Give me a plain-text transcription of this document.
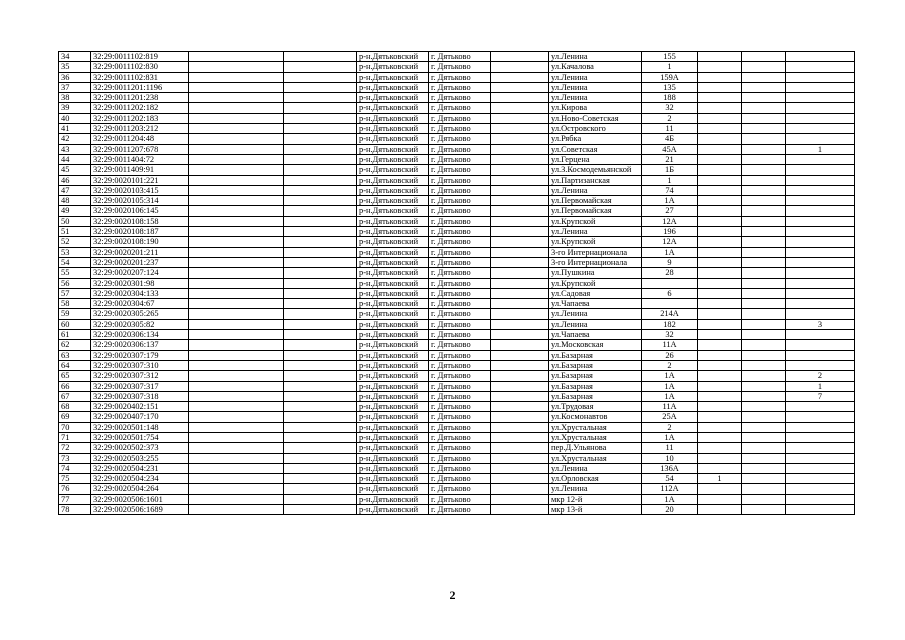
34	32:29:0011102:819			р-н.Дятьковский	г. Дятьково		ул.Ленина	155			
35	32:29:0011102:830			р-н.Дятьковский	г. Дятьково		ул.Качалова	1			
36	32:29:0011102:831			р-н.Дятьковский	г. Дятьково		ул.Ленина	159А			
37	32:29:0011201:1196			р-н.Дятьковский	г. Дятьково		ул.Ленина	135			
38	32:29:0011201:238			р-н.Дятьковский	г. Дятьково		ул.Ленина	188			
39	32:29:0011202:182			р-н.Дятьковский	г. Дятьково		ул.Кирова	32			
40	32:29:0011202:183			р-н.Дятьковский	г. Дятьково		ул.Ново-Советская	2			
41	32:29:0011203:212			р-н.Дятьковский	г. Дятьково		ул.Островского	11			
42	32:29:0011204:48			р-н.Дятьковский	г. Дятьково		ул.Рябка	4Б			
43	32:29:0011207:678			р-н.Дятьковский	г. Дятьково		ул.Советская	45А			1
44	32:29:0011404:72			р-н.Дятьковский	г. Дятьково		ул.Герцена	21			
45	32:29:0011409:91			р-н.Дятьковский	г. Дятьково		ул.З.Космодемьянской	1Б			
46	32:29:0020101:221			р-н.Дятьковский	г. Дятьково		ул.Партизанская	1			
47	32:29:0020103:415			р-н.Дятьковский	г. Дятьково		ул.Ленина	74			
48	32:29:0020105:314			р-н.Дятьковский	г. Дятьково		ул.Первомайская	1А			
49	32:29:0020106:145			р-н.Дятьковский	г. Дятьково		ул.Первомайская	27			
50	32:29:0020108:158			р-н.Дятьковский	г. Дятьково		ул.Крупской	12А			
51	32:29:0020108:187			р-н.Дятьковский	г. Дятьково		ул.Ленина	196			
52	32:29:0020108:190			р-н.Дятьковский	г. Дятьково		ул.Крупской	12А			
53	32:29:0020201:211			р-н.Дятьковский	г. Дятьково		3-го Интернационала	1А			
54	32:29:0020201:237			р-н.Дятьковский	г. Дятьково		3-го Интернационала	9			
55	32:29:0020207:124			р-н.Дятьковский	г. Дятьково		ул.Пушкина	28			
56	32:29:0020301:98			р-н.Дятьковский	г. Дятьково		ул.Крупской				
57	32:29:0020304:133			р-н.Дятьковский	г. Дятьково		ул.Садовая	6			
58	32:29:0020304:67			р-н.Дятьковский	г. Дятьково		ул.Чапаева				
59	32:29:0020305:265			р-н.Дятьковский	г. Дятьково		ул.Ленина	214А			
60	32:29:0020305:82			р-н.Дятьковский	г. Дятьково		ул.Ленина	182			3
61	32:29:0020306:134			р-н.Дятьковский	г. Дятьково		ул.Чапаева	32			
62	32:29:0020306:137			р-н.Дятьковский	г. Дятьково		ул.Московская	11А			
63	32:29:0020307:179			р-н.Дятьковский	г. Дятьково		ул.Базарная	26			
64	32:29:0020307:310			р-н.Дятьковский	г. Дятьково		ул.Базарная	2			
65	32:29:0020307:312			р-н.Дятьковский	г. Дятьково		ул.Базарная	1А			2
66	32:29:0020307:317			р-н.Дятьковский	г. Дятьково		ул.Базарная	1А			1
67	32:29:0020307:318			р-н.Дятьковский	г. Дятьково		ул.Базарная	1А			7
68	32:29:0020402:151			р-н.Дятьковский	г. Дятьково		ул.Трудовая	11А			
69	32:29:0020407:170			р-н.Дятьковский	г. Дятьково		ул.Космонавтов	25А			
70	32:29:0020501:148			р-н.Дятьковский	г. Дятьково		ул.Хрустальная	2			
71	32:29:0020501:754			р-н.Дятьковский	г. Дятьково		ул.Хрустальная	1А			
72	32:29:0020502:373			р-н.Дятьковский	г. Дятьково		пер.Д.Ульянова	11			
73	32:29:0020503:255			р-н.Дятьковский	г. Дятьково		ул.Хрустальная	10			
74	32:29:0020504:231			р-н.Дятьковский	г. Дятьково		ул.Ленина	136А			
75	32:29:0020504:234			р-н.Дятьковский	г. Дятьково		ул.Орловская	54	1		
76	32:29:0020504:264			р-н.Дятьковский	г. Дятьково		ул.Ленина	112А			
77	32:29:0020506:1601			р-н.Дятьковский	г. Дятьково		мкр 12-й	1А			
78	32:29:0020506:1689			р-н.Дятьковский	г. Дятьково		мкр 13-й	20			
2
